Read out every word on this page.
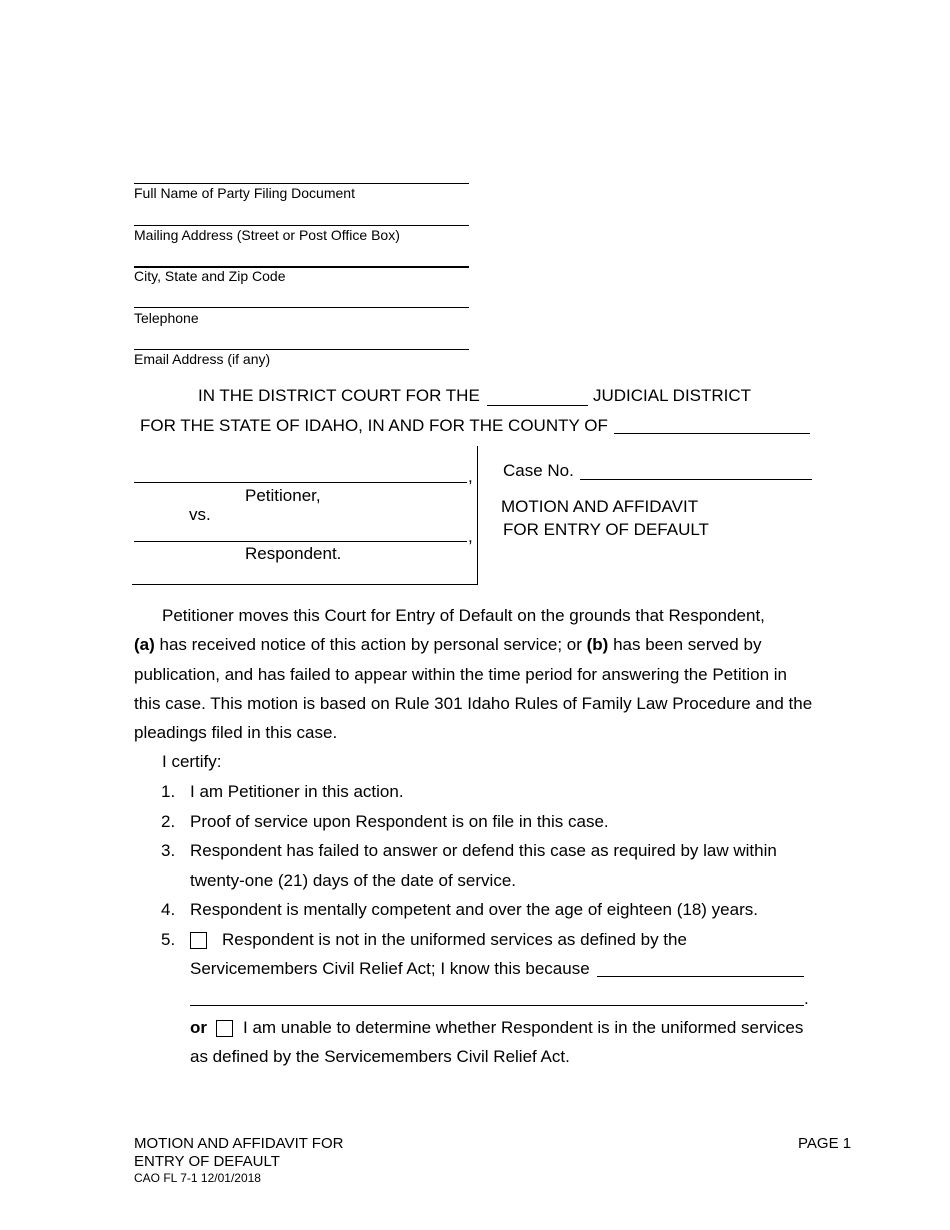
Full Name of Party Filing Document
Mailing Address (Street or Post Office Box)
City, State and Zip Code
Telephone
Email Address (if any)
IN THE DISTRICT COURT FOR THE	JUDICIAL DISTRICT
FOR THE STATE OF IDAHO, IN AND FOR THE COUNTY OF
,
Petitioner,
vs.
,
Respondent.
Case No.
MOTION AND AFFIDAVIT
FOR ENTRY OF DEFAULT
Petitioner moves this Court for Entry of Default on the grounds that Respondent,
(a) has received notice of this action by personal service; or (b) has been served by
publication, and has failed to appear within the time period for answering the Petition in
this case. This motion is based on Rule 301 Idaho Rules of Family Law Procedure and the
pleadings filed in this case.
I certify:
1. I am Petitioner in this action.
2. Proof of service upon Respondent is on file in this case.
3. Respondent has failed to answer or defend this case as required by law within
twenty-one (21) days of the date of service.
4. Respondent is mentally competent and over the age of eighteen (18) years.
5.	Respondent is not in the uniformed services as defined by the
Servicemembers Civil Relief Act; I know this because
.
or I am unable to determine whether Respondent is in the uniformed services
as defined by the Servicemembers Civil Relief Act.
MOTION AND AFFIDAVIT FOR
ENTRY OF DEFAULT
CAO FL 7-1 12/01/2018
PAGE 1
